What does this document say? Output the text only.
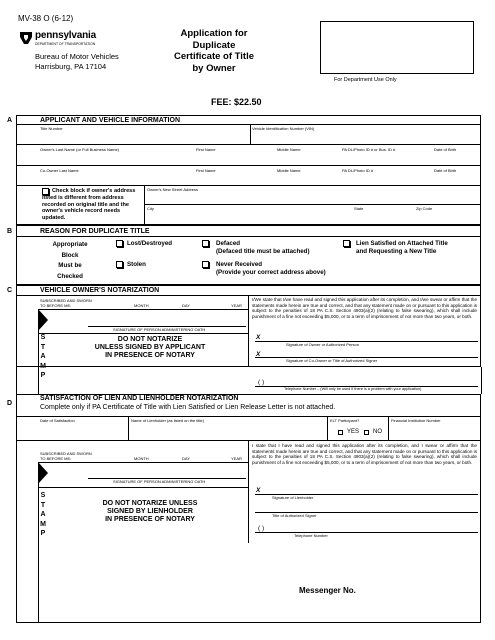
MV-38 O (6-12)
pennsylvania
DEPARTMENT OF TRANSPORTATION
Bureau of Motor Vehicles
Harrisburg, PA 17104
Application for
Duplicate
Certificate of Title
by Owner
For Department Use Only
FEE: $22.50
A	APPLICANT AND VEHICLE INFORMATION
Title Number	Vehicle Identification Number (VIN)
Owner's Last Name (or Full Business Name)	First Name	Middle Name	PA DL/Photo ID # or Bus. ID #	Date of Birth
Co-Owner Last Name	First Name	Middle Name	PA DL/Photo ID #	Date of Birth
Check block if owner's address listed is different from address recorded on original title and the owner's vehicle record needs updated.
Owner's New Street Address
City	State	Zip Code
B	REASON FOR DUPLICATE TITLE
Appropriate
Block
Must be
Checked
Lost/Destroyed
Stolen
Defaced
(Defaced title must be attached)
Never Received
(Provide your correct address above)
Lien Satisfied on Attached Title
and Requesting a New Title
C	VEHICLE OWNER'S NOTARIZATION
SUBSCRIBED AND SWORN
TO BEFORE ME:	MONTH	DAY	YEAR
SIGNATURE OF PERSON ADMINISTERING OATH
S
T
A
M
P
DO NOT NOTARIZE
UNLESS SIGNED BY APPLICANT
IN PRESENCE OF NOTARY
I/We state that I/we have read and signed this application after its completion, and I/we swear or affirm that the statements made herein are true and correct, and that any statement made on or pursuant to this application is subject to the penalties of 18 PA C.S. Section 4903(a)(2) (relating to false swearing), which shall include punishment of a fine not exceeding $5,000, or to a term of imprisonment of not more than two years, or both.
X
Signature of Owner or Authorized Person
X
Signature of Co-Owner or Title of Authorized Signer
( )
Telephone Number – (Will only be used if there is a problem with your application)
D
SATISFACTION OF LIEN AND LIENHOLDER NOTARIZATION
Complete only if PA Certificate of Title with Lien Satisfied or Lien Release Letter is not attached.
Date of Satisfaction	Name of Lienholder (as listed on the title)	ELT Participant?	Financial Institution Number
YES NO
SUBSCRIBED AND SWORN
TO BEFORE ME:	MONTH	DAY	YEAR
SIGNATURE OF PERSON ADMINISTERING OATH
S
T
A
M
P
DO NOT NOTARIZE UNLESS
SIGNED BY LIENHOLDER
IN PRESENCE OF NOTARY
I state that I have read and signed this application after its completion, and I swear or affirm that the statements made herein are true and correct, and that any statement made on or pursuant to this application is subject to the penalties of 18 PA C.S. Section 4903(a)(2) (relating to false swearing), which shall include punishment of a fine not exceeding $5,000, or to a term of imprisonment of not more than two years, or both.
X
Signature of Lienholder
Title of Authorized Signer
( )
Telephone Number
Messenger No.
